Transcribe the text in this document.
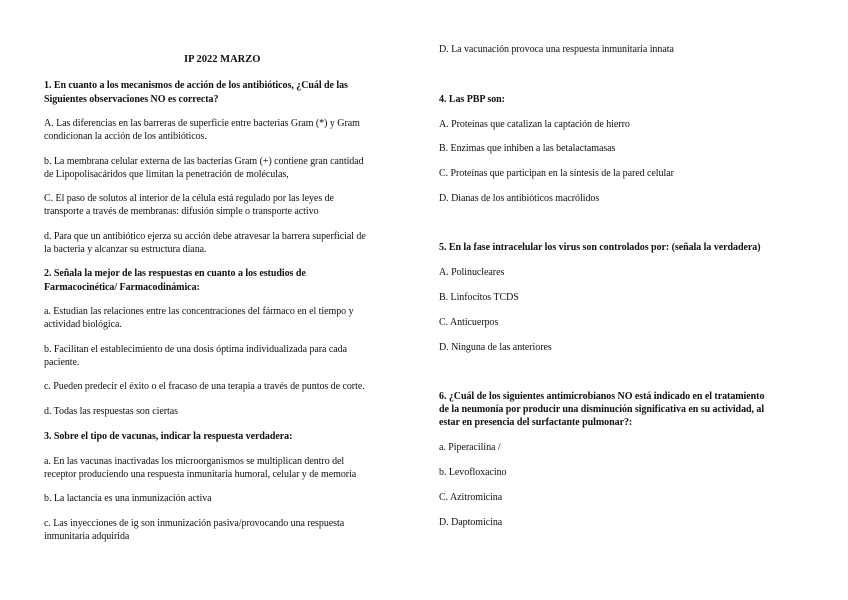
IP 2022 MARZO
1. En cuanto a los mecanismos de acción de los antibióticos, ¿Cuál de las
Siguientes observaciones NO es correcta?
A. Las diferencias en las barreras de superficie entre bacterias Gram (*) y Gram
condicionan la acción de los antibióticos.
b. La membrana celular externa de las bacterias Gram (+) contiene gran cantidad
de Lipopolisacáridos que limitan la penetración de moléculas,
C. El paso de solutos al interior de la célula está regulado por las leyes de
transporte a través de membranas: difusión simple o transporte activo
d. Para que un antibiótico ejerza su acción debe atravesar la barrera superficial de
la bacteria y alcanzar su estructura diana.
2. Señala la mejor de las respuestas en cuanto a los estudios de
Farmacocinética/ Farmacodinámica:
a. Estudian las relaciones entre las concentraciones del fármaco en el tiempo y
actividad biológica.
b. Facilitan el establecimiento de una dosis óptima individualizada para cada
paciente.
c. Pueden predecir el éxito o el fracaso de una terapia a través de puntos de corte.
d. Todas las respuestas son ciertas
3. Sobre el tipo de vacunas, indicar la respuesta verdadera:
a. En las vacunas inactivadas los microorganismos se multiplican dentro del
receptor produciendo una respuesta inmunitaria humoral, celular y de memoria
b. La lactancia es una inmunización activa
c. Las inyecciones de ig son inmunización pasiva/provocando una respuesta
inmunitaria adquirida
D. La vacunación provoca una respuesta inmunitaria innata
4. Las PBP son:
A. Proteínas que catalizan la captación de hierro
B. Enzimas que inhiben a las betalactamasas
C. Proteínas que participan en la síntesis de la pared celular
D. Dianas de los antibióticos macrólidos
5. En la fase intracelular los virus son controlados por: (señala la verdadera)
A. Polinucleares
B. Linfocitos TCDS
C. Anticuerpos
D. Ninguna de las anteriores
6. ¿Cuál de los siguientes antimicrobianos NO está indicado en el tratamiento
de la neumonía por producir una disminución significativa en su actividad, al
estar en presencia del surfactante pulmonar?:
a. Piperacilina /
b. Levofloxacino
C. Azitromicina
D. Daptomicina
